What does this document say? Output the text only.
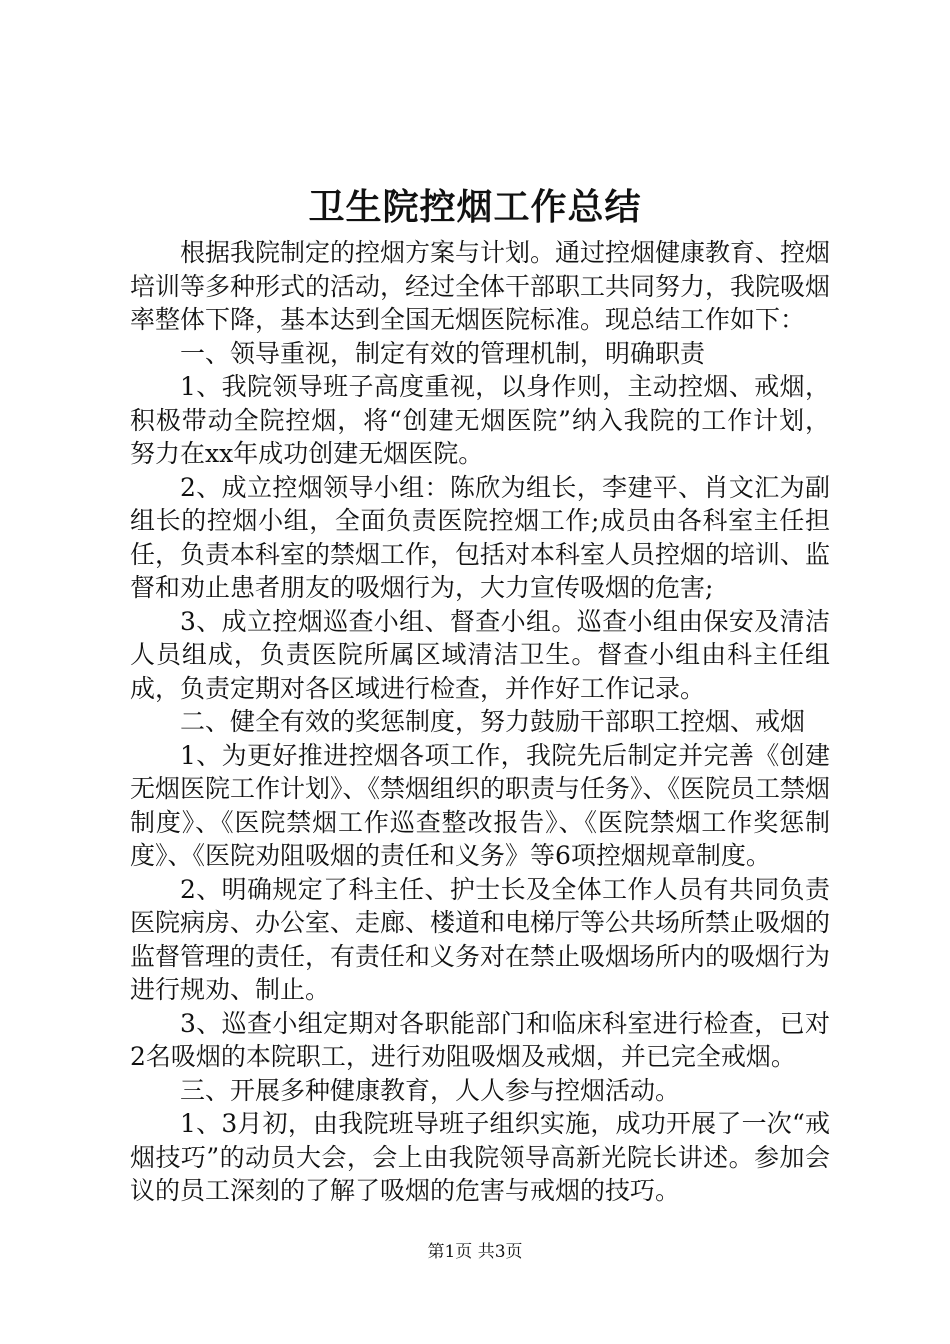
卫生院控烟工作总结

根据我院制定的控烟方案与计划。通过控烟健康教育、控烟培训等多种形式的活动，经过全体干部职工共同努力，我院吸烟率整体下降，基本达到全国无烟医院标准。现总结工作如下：

一、领导重视，制定有效的管理机制，明确职责

1、我院领导班子高度重视，以身作则，主动控烟、戒烟，积极带动全院控烟，将“创建无烟医院”纳入我院的工作计划，努力在xx年成功创建无烟医院。

2、成立控烟领导小组：陈欣为组长，李建平、肖文汇为副组长的控烟小组，全面负责医院控烟工作;成员由各科室主任担任，负责本科室的禁烟工作，包括对本科室人员控烟的培训、监督和劝止患者朋友的吸烟行为，大力宣传吸烟的危害;

3、成立控烟巡查小组、督查小组。巡查小组由保安及清洁人员组成，负责医院所属区域清洁卫生。督查小组由科主任组成，负责定期对各区域进行检查，并作好工作记录。

二、健全有效的奖惩制度，努力鼓励干部职工控烟、戒烟

1、为更好推进控烟各项工作，我院先后制定并完善《创建无烟医院工作计划》、《禁烟组织的职责与任务》、《医院员工禁烟制度》、《医院禁烟工作巡查整改报告》、《医院禁烟工作奖惩制度》、《医院劝阻吸烟的责任和义务》等6项控烟规章制度。

2、明确规定了科主任、护士长及全体工作人员有共同负责医院病房、办公室、走廊、楼道和电梯厅等公共场所禁止吸烟的监督管理的责任，有责任和义务对在禁止吸烟场所内的吸烟行为进行规劝、制止。

3、巡查小组定期对各职能部门和临床科室进行检查，已对2名吸烟的本院职工，进行劝阻吸烟及戒烟，并已完全戒烟。

三、开展多种健康教育，人人参与控烟活动。

1、3月初，由我院班导班子组织实施，成功开展了一次“戒烟技巧”的动员大会，会上由我院领导高新光院长讲述。参加会议的员工深刻的了解了吸烟的危害与戒烟的技巧。

第1页 共3页
